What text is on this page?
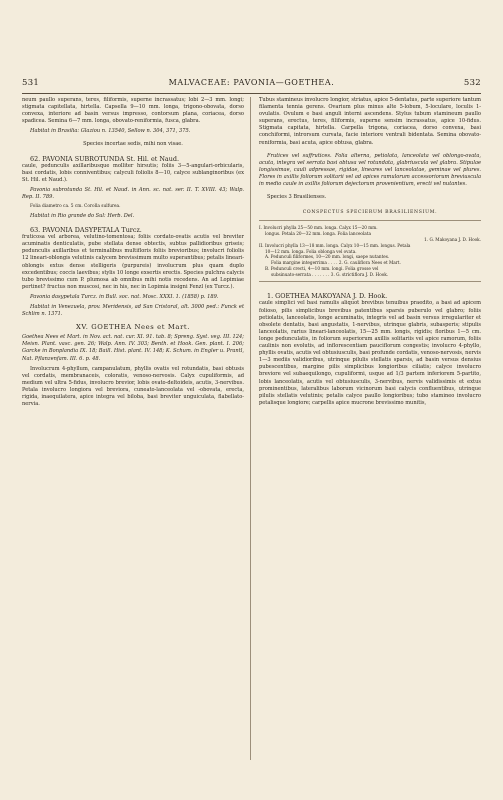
531	MALVACEAE: PAVONIA—GOETHEA.	532

neum paullo superans, teres, filiformis, superne incrassatus; lobi 2—3 mm. longi; stigmata capitellata, hirtella. Capsella 9—10 mm. longa, trigono-obovata, dorso convexa, interiore ad basin versus impresso, contorsum plana, coriacea, dorso spadicea. Semina 6—7 mm. longa, obovato-reniformia, fusca, glabra.

Habitat in Brasilia: Glaziou n. 13540, Sellow n. 304, 371, 375.

Species incertae sedis, mihi non visae.

62. PAVONIA SUBROTUNDA St. Hil. et Naud.

caule, pedunculis axillaribusque molliter hirsutis; foliis 3—5-angulari-orbicularis, basi cordatis, lobis conniventibus; calyculi foliolis 8—10, calyce sublanginoribus (ex St. Hil. et Naud.).

Pavonia subrotunda St. Hil. et Naud. in Ann. sc. nat. ser. II. T. XVIII. 43; Walp. Rep. II. 789.

Folia diametro ca. 5 cm. Corolla sulfurea.

Habitat in Rio grande do Sul: Herb. Del.

63. PAVONIA DASYPETALA Turcz.

fruticosa vel arborea, velutino-tomentosa; foliis cordato-ovatis acutis vel breviter acuminatis denticulatis, pube stellata dense obtectis, subtus pallidioribus griseis; pedunculis axillaribus et terminalibus multifloris foliis brevioribus; involucri foliolis 12 lineari-oblongis velutinis calycem brevissimum multo superantibus; petalis lineari-oblongis extus dense stelligeris (purpureis) involucrum plus quam duplo excedentibus; coccis laevibus; stylis 10 longe exsertis erectis. Species pulchra calycis tubo brevissimo cum P. plumosa ab omnibus mihi notis recedens. An ad Lopimiae pertinet? fructus non muscosi, nec in his, nec in Lopimia insigni Fenzl (ex Turcz.).

Pavonia dasypetala Turcz. in Bull. soc. nat. Mosc. XXXI. 1. (1858) p. 189.

Habitat in Venezuela, prov. Meridensis, ad San Cristoral, alt. 3000 ped.: Funck et Schlim n. 1371.

XV. GOETHEA Nees et Mart.

Goethea Nees et Mart. in Nov. act. nat. cur. XI. 91. tab. 8; Spreng. Syst. veg. III. 124; Meisn. Plant. vasc. gen. 26; Walp. Ann. IV. 303; Benth. et Hook. Gen. plant. I. 206; Garcke in Bonplandia IX. 18; Baill. Hist. plant. IV. 148; K. Schum. in Engler u. Prantl, Nat. Pflanzenfam. III. 6. p. 48.

Involucrum 4-phyllum, campanulatum, phyllis ovatis vel rotundatis, basi obtusis vel cordatis, membranaceis, coloratis, venoso-nervosis. Calyx cupuliformis, ad medium vel ultra 5-fidus, involucro brevior, lobis ovato-deltoideis, acutis, 3-nervibus. Petala involucro longiora vel breviora, cuneato-lanceolata vel -obovata, erecta, rigida, inaequilatera, apice integra vel biloba, basi breviter unguiculata, flabellato-nervia.

Tubus stamineus involucro longior, striatus, apice 5-dentatus, parte superiore tantum filamenta tennia gerens. Ovarium plus minus alte 5-lobum, 5-loculare, loculis 1-ovulatis. Ovulum e basi anguli interni ascendens. Stylus tubum stamineum paullo superans, erectus, teres, filiformis, superne sensim incrassatus, apice 10-fidus. Stigmata capitata, hirtella. Carpella trigona, coriacea, dorso convexa, basi conchiformi, introrsum curvata, facie interiore ventrali bidentata. Semina obovato-reniformia, basi acuta, apice obtusa, glabra.

Frutices vel suffrutices. Folia alterna, petiolata, lanceolata vel oblongo-ovata, acuta, integra vel serrata basi obtusa vel rotundata, glabriuscula vel glabra. Stipulae longissimae, cauli adpressae, rigidae, lineares vel lanceolatae, geminae vel plures. Flores in axillis foliorum solitarii vel ad apices ramulorum accessoriorum breviuscula in medio caule in axillis foliorum dejectorum provenientium, erecti vel nutantes.

Species 3 Brasilienses.

CONSPECTUS SPECIERUM BRASILIENSIUM.

I. Involucri phylla 25—50 mm. longa. Calyx 15—20 mm.

longus. Petala 20—32 mm. longa. Folia lanceolata

1. G. Makoyana J. D. Hook.

II. Involucri phylla 13—18 mm. longa. Calyx 10—15 mm. longus. Petala

10—12 mm. longa. Folia oblonga vel ovata.

A. Pedunculi filiformes, 10—20 mm. longi, saepe nutantes.

Folia margine integerrima . . . . 2. G. cauliflora Nees et Mart.

B. Pedunculi crecti, 4—10 mm. longi. Folia grosse vel

subsinuato-serrata . . . . . . . 3. G. strictiflora J. D. Hook.

1. GOETHEA MAKOYANA J. D. Hook.

caule simplici vel basi ramulis aliquot brevibus tenuibus praedito, a basi ad apicem folioso, pilis simplicibus brevibus patentibus sparsis puberulo vel glabro; foliis petiolatis, lanceolatis, longe acuminatis, integris vel ad basin versus irregulariter et obsolete dentatis, basi angustatis, 1-nervibus, utrinque glabris, subasperis; stipulis lanceolatis, rarius lineari-lanceolatis, 15—25 mm. longis, rigidis; floribus 1—5 cm. longe pedunculatis, in foliorum superiorum axillis solitariis vel apice ramorum, foliis caulinis non evolutis, ad inflorescentiam pauciflorum congestis; involucro 4-phyllo, phyllis ovatis, acutis vel obtusiusculis, basi profunde cordatis, venoso-nervosis, nervis 1—3 mediis validioribus, utrinque pilulis stellatis sparsis, ad basin versus densius pubescentibus, margine pilis simplicibus longioribus ciliatis; calyce involucro breviore vel subaequilongo, cupuliformi, usque ad 1/3 partem inferiorem 5-partito, lobis lanceolatis, acutis vel obtusiusculis, 3-nervibus, nervis validissimis et extus prominentibus, lateralibus laborum vicinorum basi calycis confluentibus, utrinque pilulis stellatis velutinis; petalis calyce paullo longioribus; tubo stamineo involucro petalisque longiore; carpellis apice mucrone brevissimo munitis,
